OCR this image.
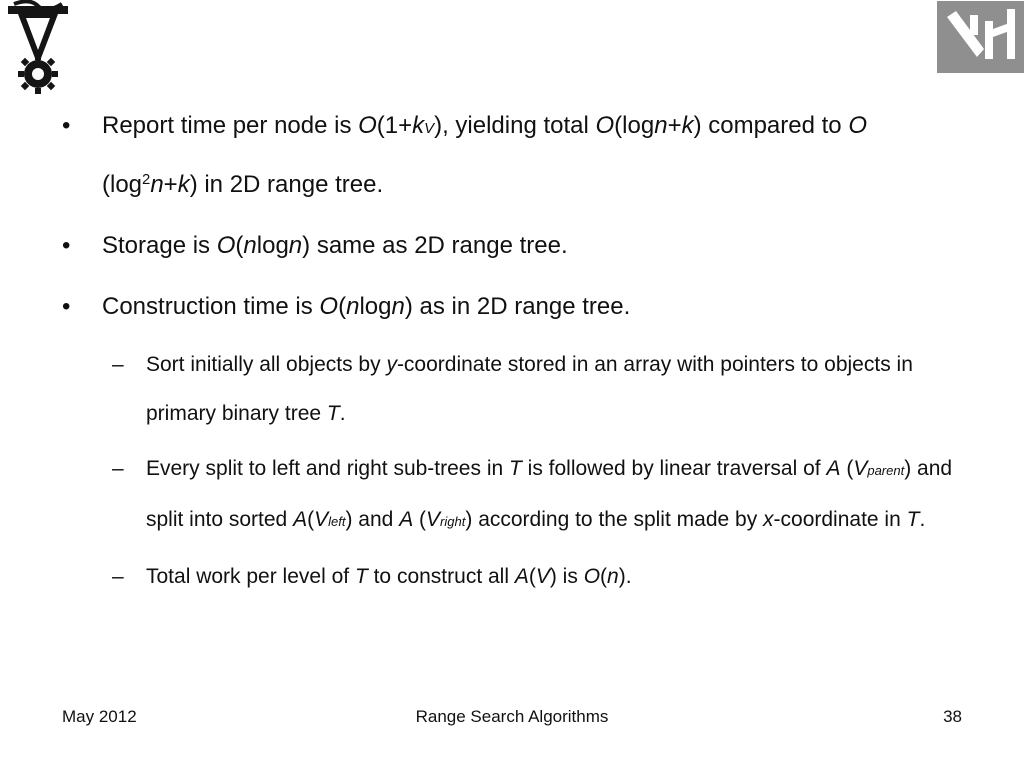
• Report time per node is O(1+kV), yielding total O(logn+k) compared to O $(\log^2n+k)$ in 2D range tree.
• Storage is O(nlogn) same as 2D range tree.
• Construction time is O(nlogn) as in 2D range tree.
– Sort initially all objects by y-coordinate stored in an array with pointers to objects in primary binary tree T.
– Every split to left and right sub-trees in T is followed by linear traversal of A (Vparent) and split into sorted A(Vleft) and A (Vright) according to the split made by x-coordinate in T.
– Total work per level of T to construct all A(V) is O(n).
May 2012	Range Search Algorithms	38
